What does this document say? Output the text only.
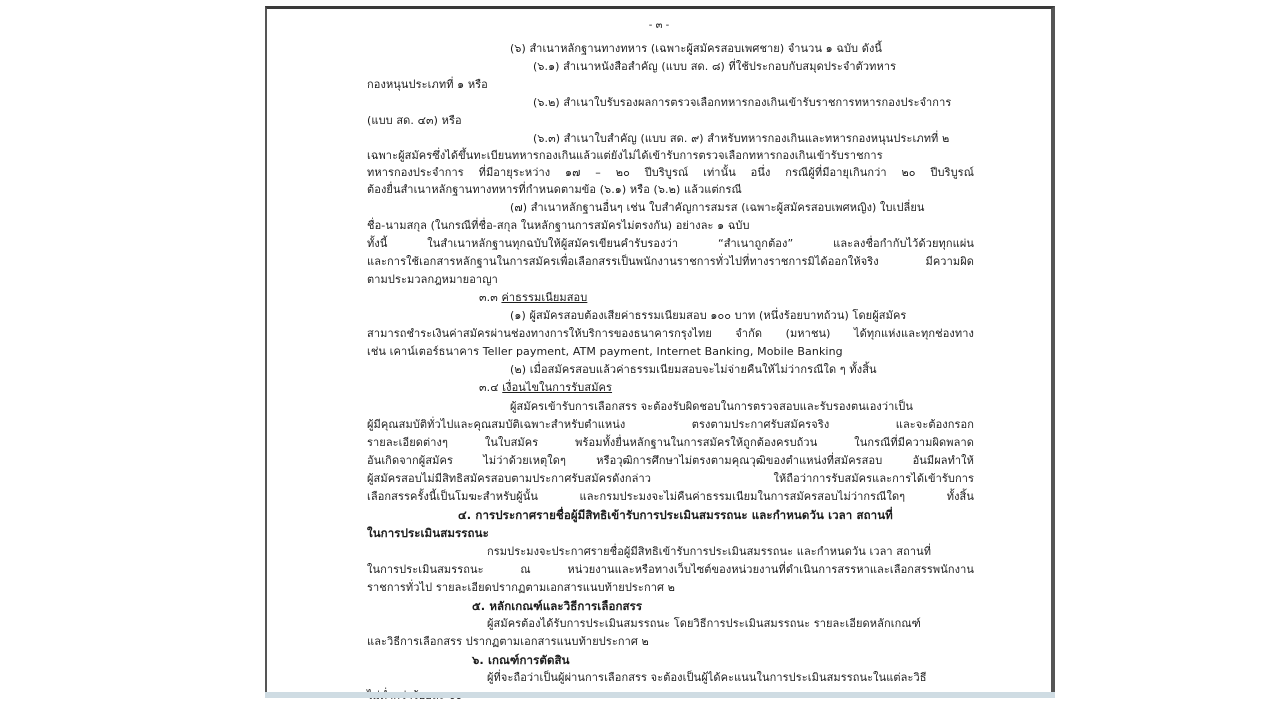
- ๓ -
(๖) สำเนาหลักฐานทางทหาร (เฉพาะผู้สมัครสอบเพศชาย) จำนวน ๑ ฉบับ ดังนี้
(๖.๑) สำเนาหนังสือสำคัญ (แบบ สด. ๘) ที่ใช้ประกอบกับสมุดประจำตัวทหาร
กองหนุนประเภทที่ ๑ หรือ
(๖.๒) สำเนาใบรับรองผลการตรวจเลือกทหารกองเกินเข้ารับราชการทหารกองประจำการ
(แบบ สด. ๔๓) หรือ
(๖.๓) สำเนาใบสำคัญ (แบบ สด. ๙) สำหรับทหารกองเกินและทหารกองหนุนประเภทที่ ๒
เฉพาะผู้สมัครซึ่งได้ขึ้นทะเบียนทหารกองเกินแล้วแต่ยังไม่ได้เข้ารับการตรวจเลือกทหารกองเกินเข้ารับราชการ
ทหารกองประจำการ ที่มีอายุระหว่าง ๑๗ – ๒๐ ปีบริบูรณ์ เท่านั้น อนึ่ง กรณีผู้ที่มีอายุเกินกว่า ๒๐ ปีบริบูรณ์
ต้องยื่นสำเนาหลักฐานทางทหารที่กำหนดตามข้อ (๖.๑) หรือ (๖.๒) แล้วแต่กรณี
(๗) สำเนาหลักฐานอื่นๆ เช่น ใบสำคัญการสมรส (เฉพาะผู้สมัครสอบเพศหญิง) ใบเปลี่ยน
ชื่อ-นามสกุล (ในกรณีที่ชื่อ-สกุล ในหลักฐานการสมัครไม่ตรงกัน) อย่างละ ๑ ฉบับ
ทั้งนี้ ในสำเนาหลักฐานทุกฉบับให้ผู้สมัครเขียนคำรับรองว่า “สำเนาถูกต้อง” และลงชื่อกำกับไว้ด้วยทุกแผ่น
และการใช้เอกสารหลักฐานในการสมัครเพื่อเลือกสรรเป็นพนักงานราชการทั่วไปที่ทางราชการมิได้ออกให้จริง มีความผิด
ตามประมวลกฎหมายอาญา
๓.๓ ค่าธรรมเนียมสอบ
(๑) ผู้สมัครสอบต้องเสียค่าธรรมเนียมสอบ ๑๐๐ บาท (หนึ่งร้อยบาทถ้วน) โดยผู้สมัคร
สามารถชำระเงินค่าสมัครผ่านช่องทางการให้บริการของธนาคารกรุงไทย จำกัด (มหาชน) ได้ทุกแห่งและทุกช่องทาง
เช่น เคาน์เตอร์ธนาคาร Teller payment, ATM payment, Internet Banking, Mobile Banking
(๒) เมื่อสมัครสอบแล้วค่าธรรมเนียมสอบจะไม่จ่ายคืนให้ไม่ว่ากรณีใด ๆ ทั้งสิ้น
๓.๔ เงื่อนไขในการรับสมัคร
ผู้สมัครเข้ารับการเลือกสรร จะต้องรับผิดชอบในการตรวจสอบและรับรองตนเองว่าเป็น
ผู้มีคุณสมบัติทั่วไปและคุณสมบัติเฉพาะสำหรับตำแหน่ง ตรงตามประกาศรับสมัครจริง และจะต้องกรอก
รายละเอียดต่างๆ ในใบสมัคร พร้อมทั้งยื่นหลักฐานในการสมัครให้ถูกต้องครบถ้วน ในกรณีที่มีความผิดพลาด
อันเกิดจากผู้สมัคร ไม่ว่าด้วยเหตุใดๆ หรือวุฒิการศึกษาไม่ตรงตามคุณวุฒิของตำแหน่งที่สมัครสอบ อันมีผลทำให้
ผู้สมัครสอบไม่มีสิทธิสมัครสอบตามประกาศรับสมัครดังกล่าว ให้ถือว่าการรับสมัครและการได้เข้ารับการ
เลือกสรรครั้งนี้เป็นโมฆะสำหรับผู้นั้น และกรมประมงจะไม่คืนค่าธรรมเนียมในการสมัครสอบไม่ว่ากรณีใดๆ ทั้งสิ้น
๔. การประกาศรายชื่อผู้มีสิทธิเข้ารับการประเมินสมรรถนะ และกำหนดวัน เวลา สถานที่
ในการประเมินสมรรถนะ
กรมประมงจะประกาศรายชื่อผู้มีสิทธิเข้ารับการประเมินสมรรถนะ และกำหนดวัน เวลา สถานที่
ในการประเมินสมรรถนะ ณ หน่วยงานและหรือทางเว็บไซต์ของหน่วยงานที่ดำเนินการสรรหาและเลือกสรรพนักงาน
ราชการทั่วไป รายละเอียดปรากฏตามเอกสารแนบท้ายประกาศ ๒
๕. หลักเกณฑ์และวิธีการเลือกสรร
ผู้สมัครต้องได้รับการประเมินสมรรถนะ โดยวิธีการประเมินสมรรถนะ รายละเอียดหลักเกณฑ์
และวิธีการเลือกสรร ปรากฏตามเอกสารแนบท้ายประกาศ ๒
๖. เกณฑ์การตัดสิน
ผู้ที่จะถือว่าเป็นผู้ผ่านการเลือกสรร จะต้องเป็นผู้ได้คะแนนในการประเมินสมรรถนะในแต่ละวิธี
